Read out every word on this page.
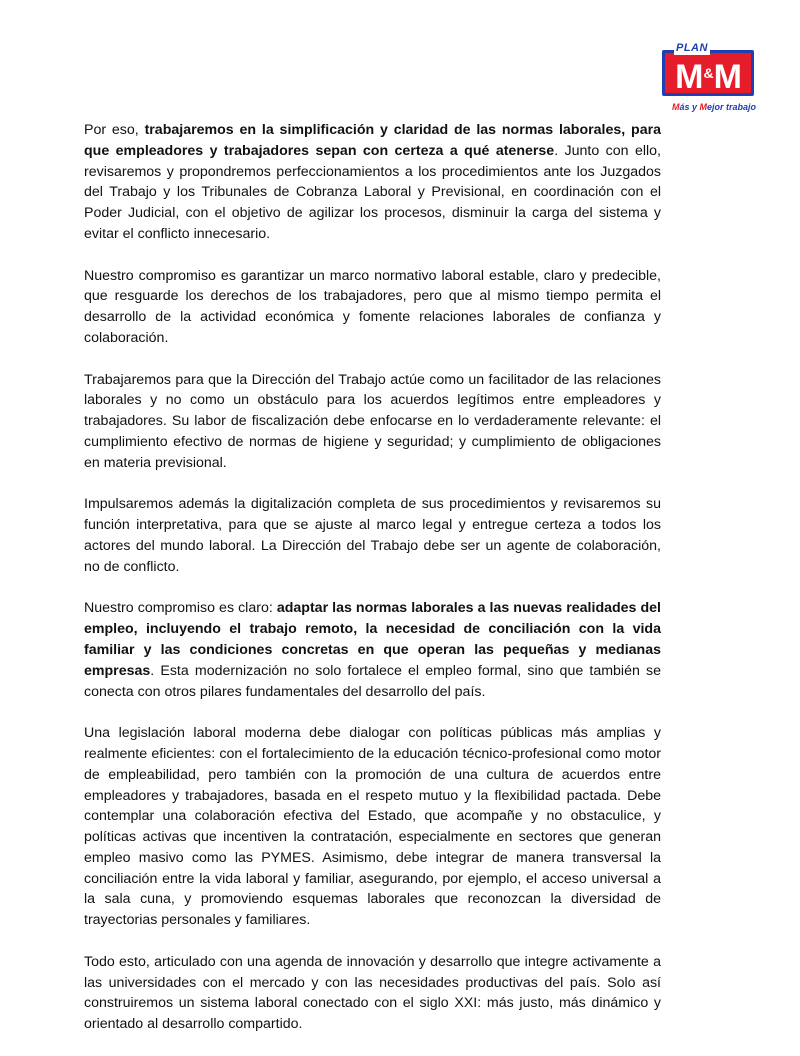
PLAN
M&M
Más y Mejor trabajo

Por eso, trabajaremos en la simplificación y claridad de las normas laborales, para que empleadores y trabajadores sepan con certeza a qué atenerse. Junto con ello, revisaremos y propondremos perfeccionamientos a los procedimientos ante los Juzgados del Trabajo y los Tribunales de Cobranza Laboral y Previsional, en coordinación con el Poder Judicial, con el objetivo de agilizar los procesos, disminuir la carga del sistema y evitar el conflicto innecesario.

Nuestro compromiso es garantizar un marco normativo laboral estable, claro y predecible, que resguarde los derechos de los trabajadores, pero que al mismo tiempo permita el desarrollo de la actividad económica y fomente relaciones laborales de confianza y colaboración.

Trabajaremos para que la Dirección del Trabajo actúe como un facilitador de las relaciones laborales y no como un obstáculo para los acuerdos legítimos entre empleadores y trabajadores. Su labor de fiscalización debe enfocarse en lo verdaderamente relevante: el cumplimiento efectivo de normas de higiene y seguridad; y cumplimiento de obligaciones en materia previsional.

Impulsaremos además la digitalización completa de sus procedimientos y revisaremos su función interpretativa, para que se ajuste al marco legal y entregue certeza a todos los actores del mundo laboral. La Dirección del Trabajo debe ser un agente de colaboración, no de conflicto.

Nuestro compromiso es claro: adaptar las normas laborales a las nuevas realidades del empleo, incluyendo el trabajo remoto, la necesidad de conciliación con la vida familiar y las condiciones concretas en que operan las pequeñas y medianas empresas. Esta modernización no solo fortalece el empleo formal, sino que también se conecta con otros pilares fundamentales del desarrollo del país.

Una legislación laboral moderna debe dialogar con políticas públicas más amplias y realmente eficientes: con el fortalecimiento de la educación técnico-profesional como motor de empleabilidad, pero también con la promoción de una cultura de acuerdos entre empleadores y trabajadores, basada en el respeto mutuo y la flexibilidad pactada. Debe contemplar una colaboración efectiva del Estado, que acompañe y no obstaculice, y políticas activas que incentiven la contratación, especialmente en sectores que generan empleo masivo como las PYMES. Asimismo, debe integrar de manera transversal la conciliación entre la vida laboral y familiar, asegurando, por ejemplo, el acceso universal a la sala cuna, y promoviendo esquemas laborales que reconozcan la diversidad de trayectorias personales y familiares.

Todo esto, articulado con una agenda de innovación y desarrollo que integre activamente a las universidades con el mercado y con las necesidades productivas del país. Solo así construiremos un sistema laboral conectado con el siglo XXI: más justo, más dinámico y orientado al desarrollo compartido.
